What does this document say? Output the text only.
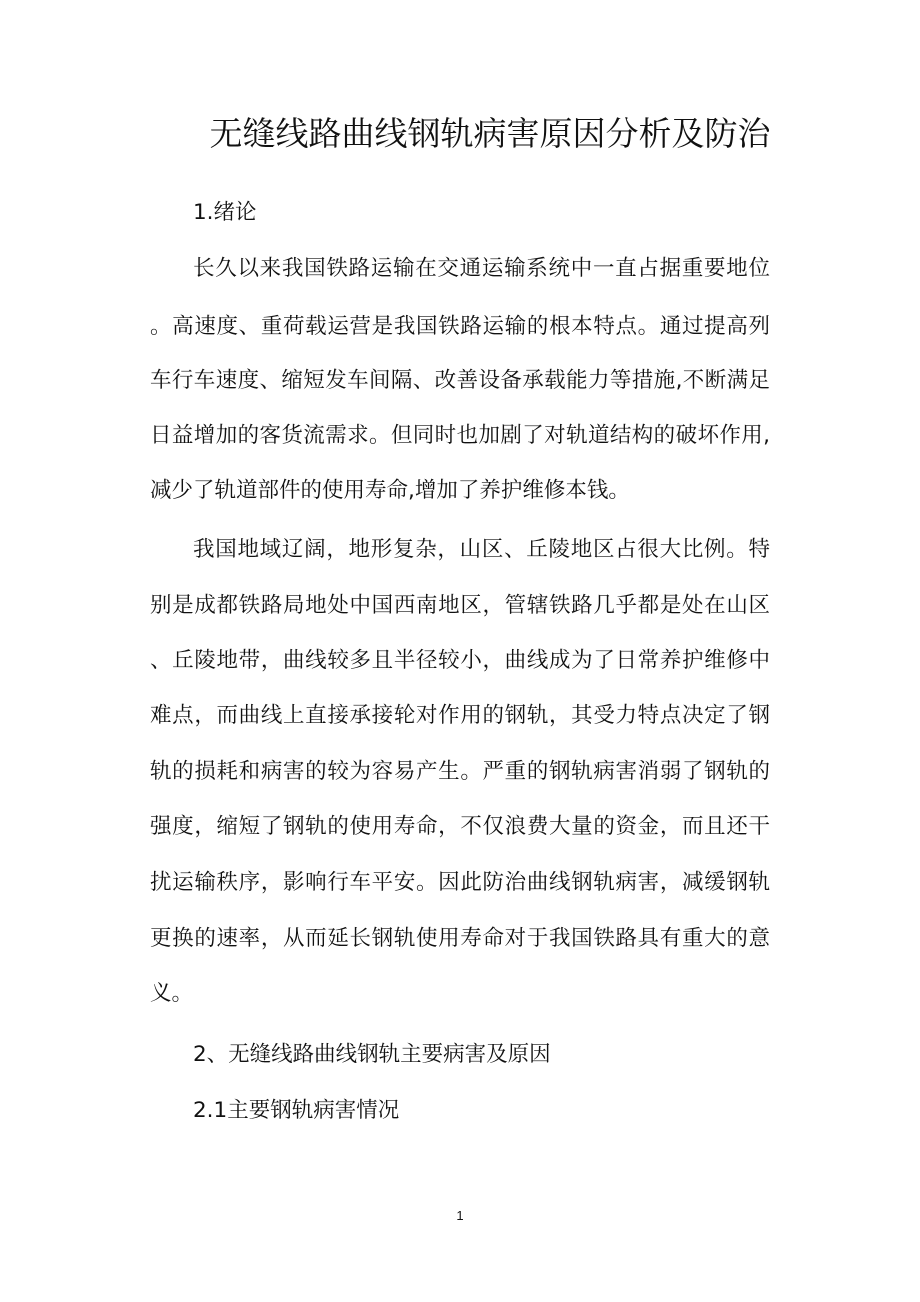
无缝线路曲线钢轨病害原因分析及防治
1.绪论
长久以来我国铁路运输在交通运输系统中一直占据重要地位
。高速度、重荷载运营是我国铁路运输的根本特点。通过提高列
车行车速度、缩短发车间隔、改善设备承载能力等措施,不断满足
日益增加的客货流需求。但同时也加剧了对轨道结构的破坏作用,
减少了轨道部件的使用寿命,增加了养护维修本钱。
我国地域辽阔，地形复杂，山区、丘陵地区占很大比例。特
别是成都铁路局地处中国西南地区，管辖铁路几乎都是处在山区
、丘陵地带，曲线较多且半径较小，曲线成为了日常养护维修中
难点，而曲线上直接承接轮对作用的钢轨，其受力特点决定了钢
轨的损耗和病害的较为容易产生。严重的钢轨病害消弱了钢轨的
强度，缩短了钢轨的使用寿命，不仅浪费大量的资金，而且还干
扰运输秩序，影响行车平安。因此防治曲线钢轨病害，减缓钢轨
更换的速率，从而延长钢轨使用寿命对于我国铁路具有重大的意
义。
2、无缝线路曲线钢轨主要病害及原因
2.1主要钢轨病害情况
1
